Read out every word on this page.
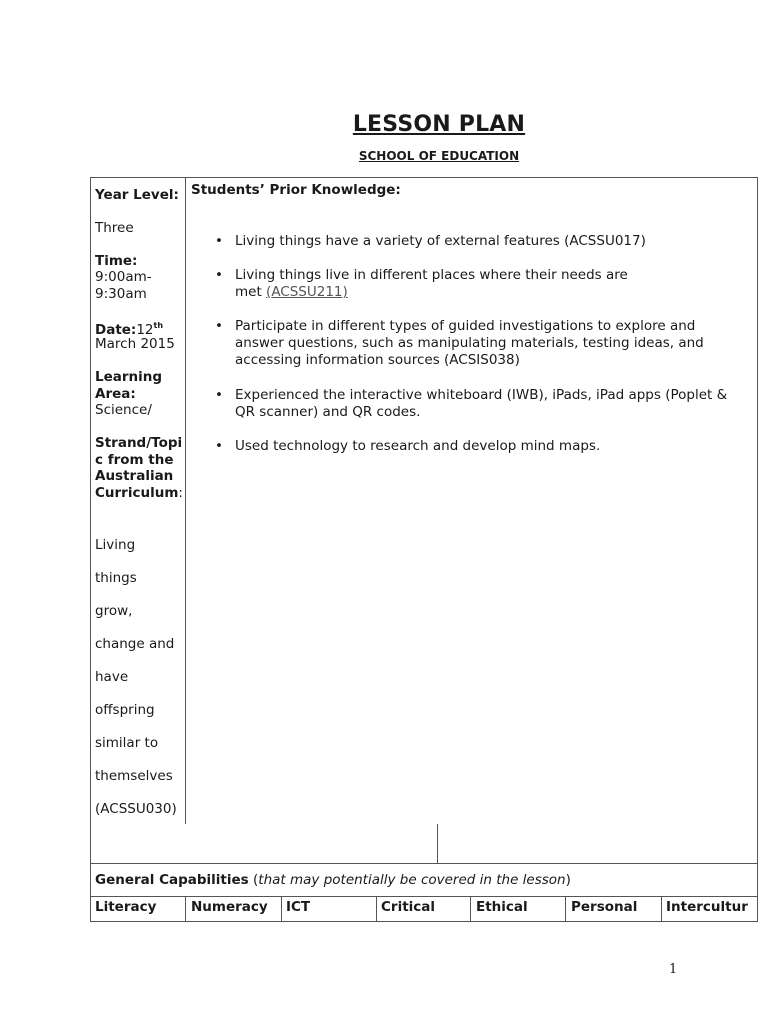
LESSON PLAN
SCHOOL OF EDUCATION
Year Level:
Three
Time:
9:00am-9:30am
Date:12th
March 2015
Learning Area:
Science/
Strand/Topic from the Australian Curriculum:
Living
things
grow,
change and
have
offspring
similar to
themselves
(ACSSU030)
Students’ Prior Knowledge:
• Living things have a variety of external features (ACSSU017)
• Living things live in different places where their needs are met (ACSSU211)
• Participate in different types of guided investigations to explore and answer questions, such as manipulating materials, testing ideas, and accessing information sources (ACSIS038)
• Experienced the interactive whiteboard (IWB), iPads, iPad apps (Poplet & QR scanner) and QR codes.
• Used technology to research and develop mind maps.
General Capabilities (that may potentially be covered in the lesson)
Literacy	Numeracy	ICT	Critical	Ethical	Personal	Intercultur
1
